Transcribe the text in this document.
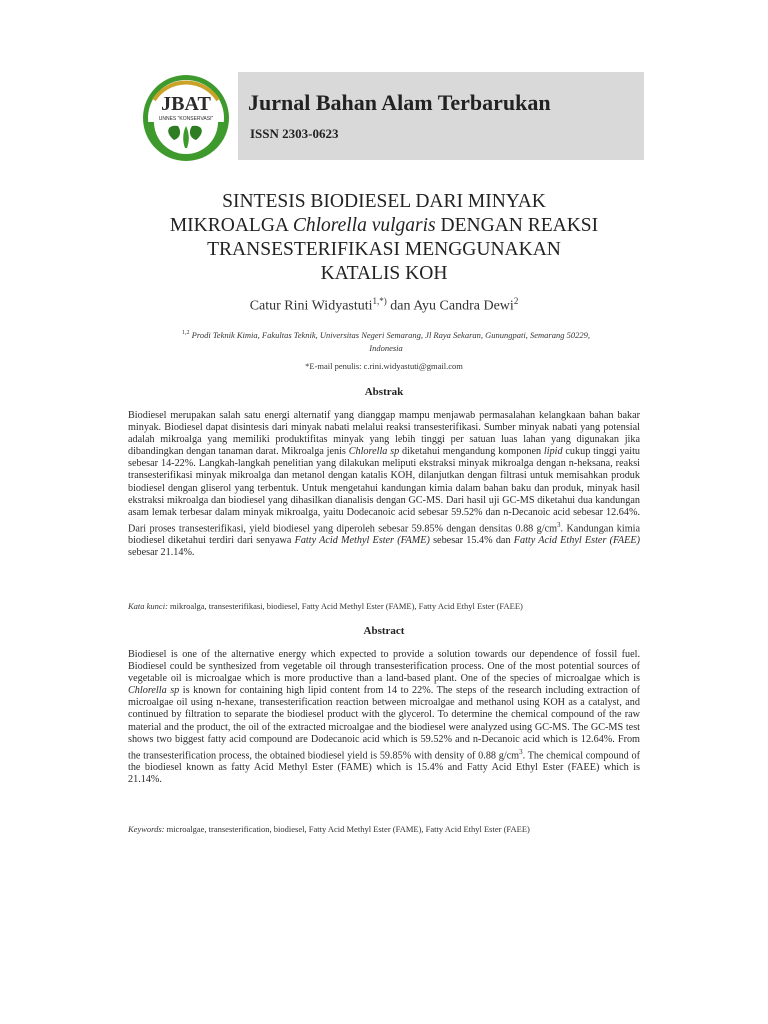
JBAT
UNNES "KONSERVASI"
Jurnal Bahan Alam Terbarukan
ISSN 2303-0623
SINTESIS BIODIESEL DARI MINYAK
MIKROALGA Chlorella vulgaris DENGAN REAKSI
TRANSESTERIFIKASI MENGGUNAKAN
KATALIS KOH
Catur Rini Widyastuti$^{1,*)}$ dan Ayu Candra Dewi$^2$
$^{1,2}$ Prodi Teknik Kimia, Fakultas Teknik, Universitas Negeri Semarang, Jl Raya Sekaran, Gunungpati, Semarang 50229,
Indonesia
*E-mail penulis: c.rini.widyastuti@gmail.com
Abstrak
Biodiesel merupakan salah satu energi alternatif yang dianggap mampu menjawab permasalahan kelangkaan bahan bakar minyak. Biodiesel dapat disintesis dari minyak nabati melalui reaksi transesterifikasi. Sumber minyak nabati yang potensial adalah mikroalga yang memiliki produktifitas minyak yang lebih tinggi per satuan luas lahan yang digunakan jika dibandingkan dengan tanaman darat. Mikroalga jenis Chlorella sp diketahui mengandung komponen lipid cukup tinggi yaitu sebesar 14-22%. Langkah-langkah penelitian yang dilakukan meliputi ekstraksi minyak mikroalga dengan n-heksana, reaksi transesterifikasi minyak mikroalga dan metanol dengan katalis KOH, dilanjutkan dengan filtrasi untuk memisahkan produk biodiesel dengan gliserol yang terbentuk. Untuk mengetahui kandungan kimia dalam bahan baku dan produk, minyak hasil ekstraksi mikroalga dan biodiesel yang dihasilkan dianalisis dengan GC-MS. Dari hasil uji GC-MS diketahui dua kandungan asam lemak terbesar dalam minyak mikroalga, yaitu Dodecanoic acid sebesar 59.52% dan n-Decanoic acid sebesar 12.64%. Dari proses transesterifikasi, yield biodiesel yang diperoleh sebesar 59.85% dengan densitas 0.88 $g/cm^3$. Kandungan kimia biodiesel diketahui terdiri dari senyawa Fatty Acid Methyl Ester (FAME) sebesar 15.4% dan Fatty Acid Ethyl Ester (FAEE) sebesar 21.14%.
Kata kunci: mikroalga, transesterifikasi, biodiesel, Fatty Acid Methyl Ester (FAME), Fatty Acid Ethyl Ester (FAEE)
Abstract
Biodiesel is one of the alternative energy which expected to provide a solution towards our dependence of fossil fuel. Biodiesel could be synthesized from vegetable oil through transesterification process. One of the most potential sources of vegetable oil is microalgae which is more productive than a land-based plant. One of the species of microalgae which is Chlorella sp is known for containing high lipid content from 14 to 22%. The steps of the research including extraction of microalgae oil using n-hexane, transesterification reaction between microalgae and methanol using KOH as a catalyst, and continued by filtration to separate the biodiesel product with the glycerol. To determine the chemical compound of the raw material and the product, the oil of the extracted microalgae and the biodiesel were analyzed using GC-MS. The GC-MS test shows two biggest fatty acid compound are Dodecanoic acid which is 59.52% and n-Decanoic acid which is 12.64%. From the transesterification process, the obtained biodiesel yield is 59.85% with density of 0.88 $g/cm^3$. The chemical compound of the biodiesel known as fatty Acid Methyl Ester (FAME) which is 15.4% and Fatty Acid Ethyl Ester (FAEE) which is 21.14%.
Keywords: microalgae, transesterification, biodiesel, Fatty Acid Methyl Ester (FAME), Fatty Acid Ethyl Ester (FAEE)
